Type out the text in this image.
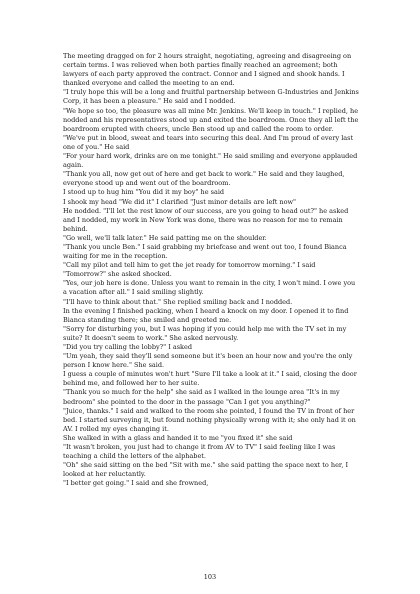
The meeting dragged on for 2 hours straight, negotiating, agreeing and disagreeing on certain terms. I was relieved when both parties finally reached an agreement; both lawyers of each party approved the contract. Connor and I signed and shook hands. I thanked everyone and called the meeting to an end.

"I truly hope this will be a long and fruitful partnership between G-Industries and Jenkins Corp, it has been a pleasure." He said and I nodded.

"We hope so too, the pleasure was all mine Mr. Jenkins. We'll keep in touch." I replied, he nodded and his representatives stood up and exited the boardroom. Once they all left the boardroom erupted with cheers, uncle Ben stood up and called the room to order.

"We've put in blood, sweat and tears into securing this deal. And I'm proud of every last one of you." He said

"For your hard work, drinks are on me tonight." He said smiling and everyone applauded again.

"Thank you all, now get out of here and get back to work." He said and they laughed, everyone stood up and went out of the boardroom.

I stood up to hug him "You did it my boy" he said

I shook my head "We did it" I clarified "Just minor details are left now"

He nodded. "I'll let the rest know of our success, are you going to head out?" he asked and I nodded, my work in New York was done, there was no reason for me to remain behind.

"Go well, we'll talk later." He said patting me on the shoulder.

"Thank you uncle Ben." I said grabbing my briefcase and went out too, I found Bianca waiting for me in the reception.

"Call my pilot and tell him to get the jet ready for tomorrow morning." I said

"Tomorrow?" she asked shocked.

"Yes, our job here is done. Unless you want to remain in the city, I won't mind. I owe you a vacation after all." I said smiling slightly.

"I'll have to think about that." She replied smiling back and I nodded.

In the evening I finished packing, when I heard a knock on my door. I opened it to find Bianca standing there; she smiled and greeted me.

"Sorry for disturbing you, but I was hoping if you could help me with the TV set in my suite? It doesn't seem to work." She asked nervously.

"Did you try calling the lobby?" I asked

"Um yeah, they said they'll send someone but it's been an hour now and you're the only person I know here." She said.

I guess a couple of minutes won't hurt "Sure I'll take a look at it." I said, closing the door behind me, and followed her to her suite.

"Thank you so much for the help" she said as I walked in the lounge area "It's in my bedroom" she pointed to the door in the passage "Can I get you anything?"

"Juice, thanks." I said and walked to the room she pointed, I found the TV in front of her bed. I started surveying it, but found nothing physically wrong with it; she only had it on AV. I rolled my eyes changing it.

She walked in with a glass and handed it to me "you fixed it" she said

"It wasn't broken, you just had to change it from AV to TV" I said feeling like I was teaching a child the letters of the alphabet.

"Oh" she said sitting on the bed "Sit with me." she said patting the space next to her, I looked at her reluctantly.

"I better get going." I said and she frowned,

103
